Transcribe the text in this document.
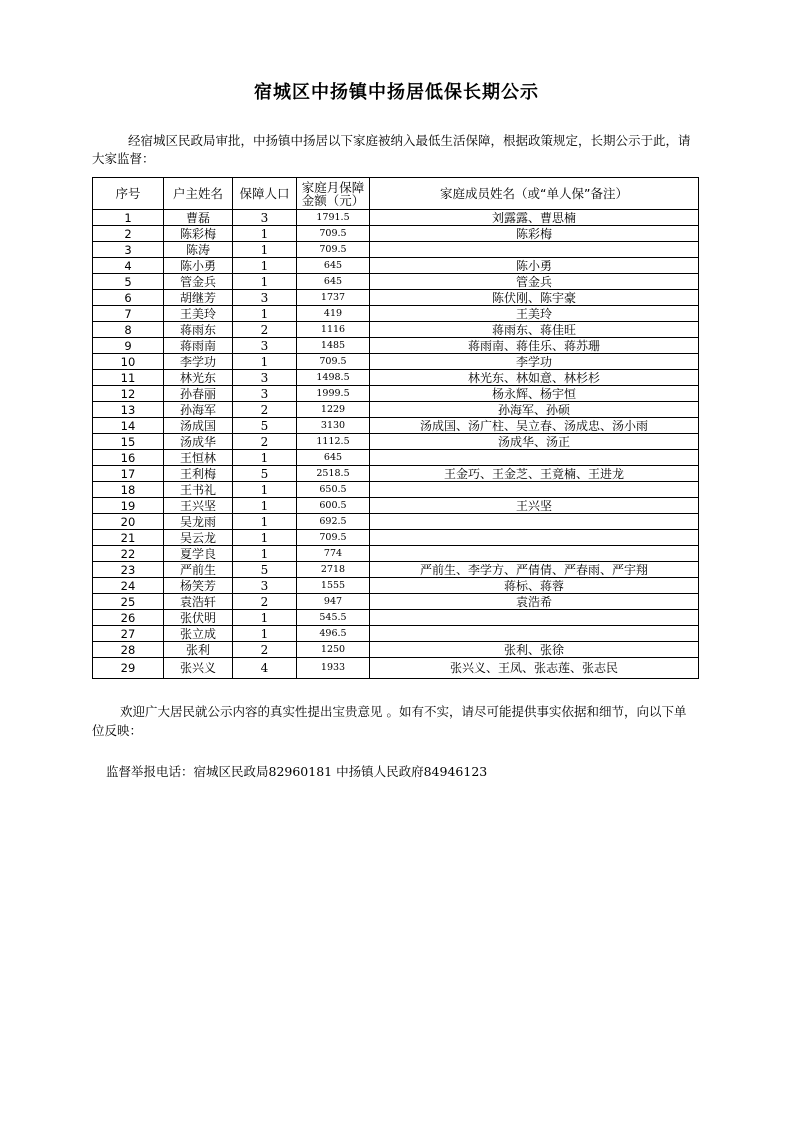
宿城区中扬镇中扬居低保长期公示
经宿城区民政局审批，中扬镇中扬居以下家庭被纳入最低生活保障，根据政策规定，长期公示于此，请大家监督：
序号	户主姓名	保障人口	家庭月保障
金额（元）	家庭成员姓名（或“单人保”备注）
1	曹磊	3	1791.5	刘露露、曹思楠
2	陈彩梅	1	709.5	陈彩梅
3	陈涛	1	709.5	
4	陈小勇	1	645	陈小勇
5	管金兵	1	645	管金兵
6	胡继芳	3	1737	陈伏刚、陈宇豪
7	王美玲	1	419	王美玲
8	蒋雨东	2	1116	蒋雨东、蒋佳旺
9	蒋雨南	3	1485	蒋雨南、蒋佳乐、蒋苏珊
10	李学功	1	709.5	李学功
11	林光东	3	1498.5	林光东、林如意、林杉杉
12	孙春丽	3	1999.5	杨永辉、杨宇恒
13	孙海军	2	1229	孙海军、孙硕
14	汤成国	5	3130	汤成国、汤广柱、吴立春、汤成忠、汤小雨
15	汤成华	2	1112.5	汤成华、汤正
16	王恒林	1	645	
17	王利梅	5	2518.5	王金巧、王金芝、王竟楠、王进龙
18	王书礼	1	650.5	
19	王兴坚	1	600.5	王兴坚
20	吴龙雨	1	692.5	
21	吴云龙	1	709.5	
22	夏学良	1	774	
23	严前生	5	2718	严前生、李学方、严倩倩、严春雨、严宇翔
24	杨笑芳	3	1555	蒋标、蒋蓉
25	袁浩轩	2	947	袁浩希
26	张伏明	1	545.5	
27	张立成	1	496.5	
28	张利	2	1250	张利、张徐
29	张兴义	4	1933	张兴义、王凤、张志莲、张志民
欢迎广大居民就公示内容的真实性提出宝贵意见 。如有不实，请尽可能提供事实依据和细节，向以下单位反映：
监督举报电话：宿城区民政局82960181 中扬镇人民政府84946123
